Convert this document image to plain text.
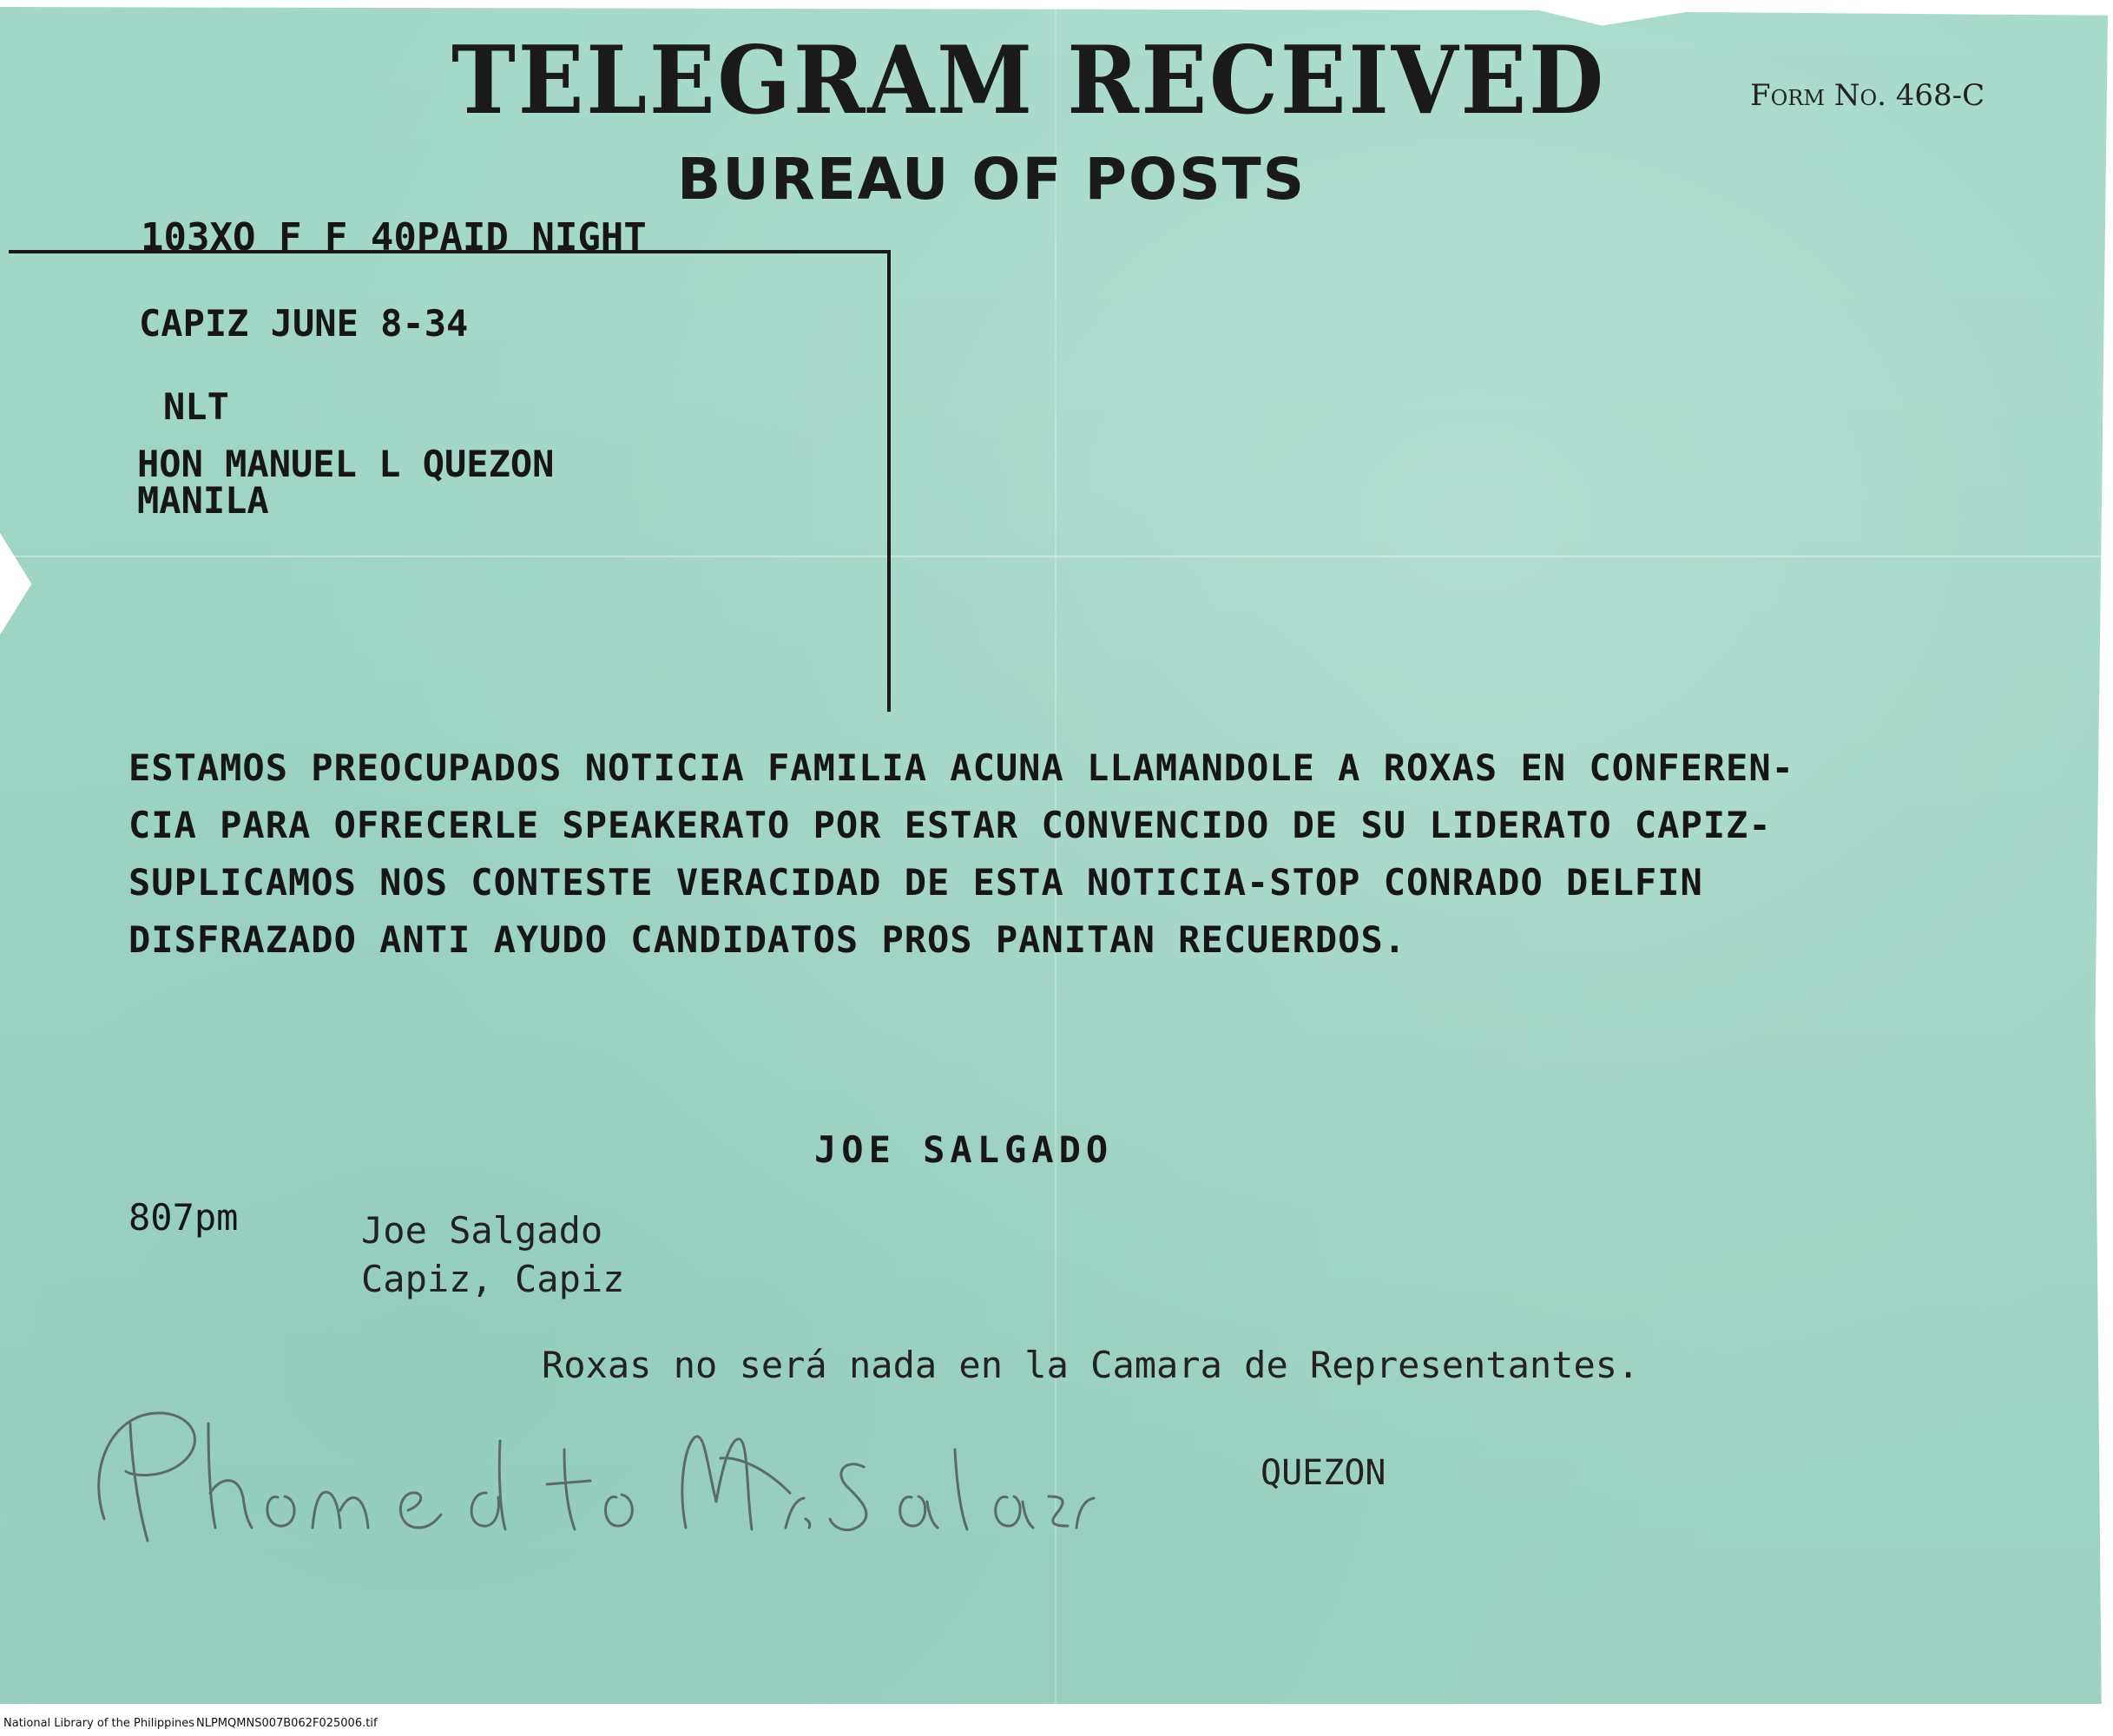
TELEGRAM RECEIVED
BUREAU OF POSTS
Form No. 468-C
103XO F F 40PAID NIGHT
CAPIZ JUNE 8-34
NLT
HON MANUEL L QUEZON
MANILA
ESTAMOS PREOCUPADOS NOTICIA FAMILIA ACUNA LLAMANDOLE A ROXAS EN CONFEREN-
CIA PARA OFRECERLE SPEAKERATO POR ESTAR CONVENCIDO DE SU LIDERATO CAPIZ-
SUPLICAMOS NOS CONTESTE VERACIDAD DE ESTA NOTICIA-STOP CONRADO DELFIN
DISFRAZADO ANTI AYUDO CANDIDATOS PROS PANITAN RECUERDOS.
JOE SALGADO
807pm	Joe Salgado
Capiz, Capiz
Roxas no será nada en la Camara de Representantes.
QUEZON
National Library of the Philippines NLPMQMNS007B062F025006.tif
